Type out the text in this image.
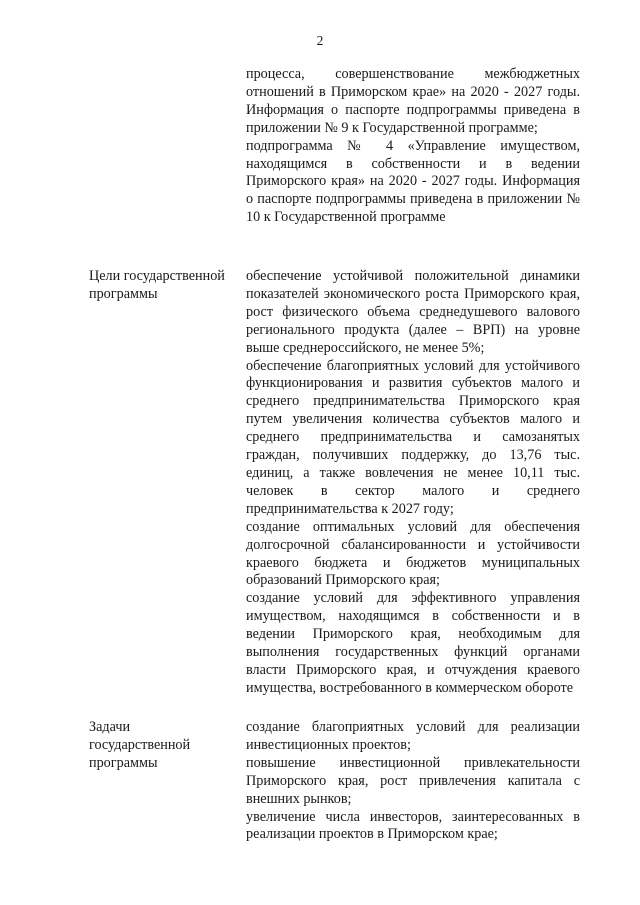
2

процесса, совершенствование межбюджетных отношений в Приморском крае» на 2020 - 2027 годы. Информация о паспорте подпрограммы приведена в приложении № 9 к Государственной программе;

подпрограмма № 4 «Управление имуществом, находящимся в собственности и в ведении Приморского края» на 2020 - 2027 годы. Информация о паспорте подпрограммы приведена в приложении № 10 к Государственной программе

Цели государственной программы

обеспечение устойчивой положительной динамики показателей экономического роста Приморского края, рост физического объема среднедушевого валового регионального продукта (далее – ВРП) на уровне выше среднероссийского, не менее 5%;

обеспечение благоприятных условий для устойчивого функционирования и развития субъектов малого и среднего предпринимательства Приморского края путем увеличения количества субъектов малого и среднего предпринимательства и самозанятых граждан, получивших поддержку, до 13,76 тыс. единиц, а также вовлечения не менее 10,11 тыс. человек в сектор малого и среднего предпринимательства к 2027 году;

создание оптимальных условий для обеспечения долгосрочной сбалансированности и устойчивости краевого бюджета и бюджетов муниципальных образований Приморского края;

создание условий для эффективного управления имуществом, находящимся в собственности и в ведении Приморского края, необходимым для выполнения государственных функций органами власти Приморского края, и отчуждения краевого имущества, востребованного в коммерческом обороте

Задачи государственной программы

создание благоприятных условий для реализации инвестиционных проектов;

повышение инвестиционной привлекательности Приморского края, рост привлечения капитала с внешних рынков;

увеличение числа инвесторов, заинтересованных в реализации проектов в Приморском крае;
